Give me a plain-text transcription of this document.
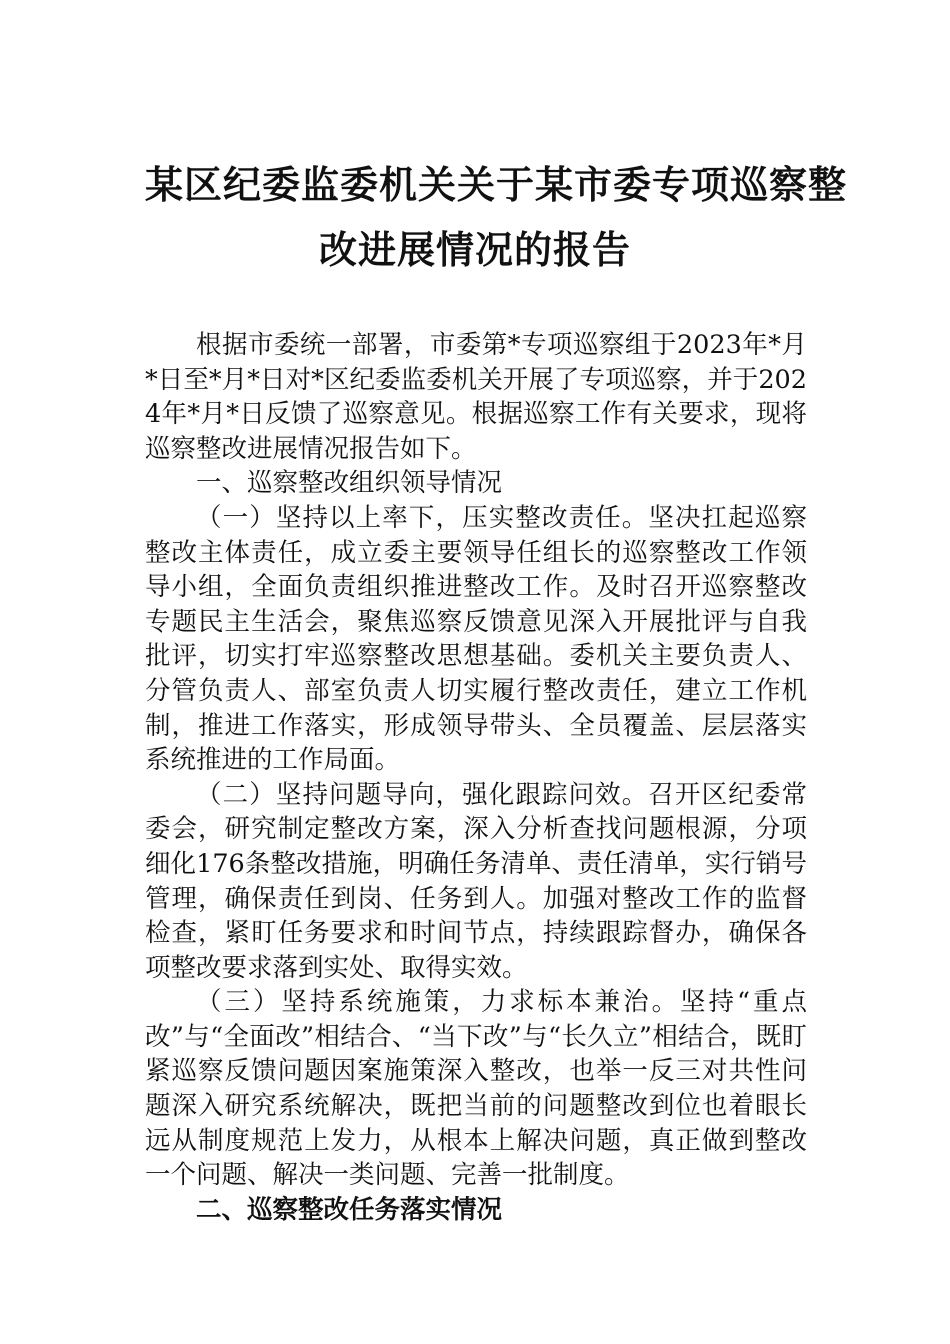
某区纪委监委机关关于某市委专项巡察整
改进展情况的报告

根据市委统一部署，市委第*专项巡察组于2023年*月*日至*月*日对*区纪委监委机关开展了专项巡察，并于2024年*月*日反馈了巡察意见。根据巡察工作有关要求，现将巡察整改进展情况报告如下。

一、巡察整改组织领导情况

（一）坚持以上率下，压实整改责任。坚决扛起巡察整改主体责任，成立委主要领导任组长的巡察整改工作领导小组，全面负责组织推进整改工作。及时召开巡察整改专题民主生活会，聚焦巡察反馈意见深入开展批评与自我批评，切实打牢巡察整改思想基础。委机关主要负责人、分管负责人、部室负责人切实履行整改责任，建立工作机制，推进工作落实，形成领导带头、全员覆盖、层层落实系统推进的工作局面。

（二）坚持问题导向，强化跟踪问效。召开区纪委常委会，研究制定整改方案，深入分析查找问题根源，分项细化176条整改措施，明确任务清单、责任清单，实行销号管理，确保责任到岗、任务到人。加强对整改工作的监督检查，紧盯任务要求和时间节点，持续跟踪督办，确保各项整改要求落到实处、取得实效。

（三）坚持系统施策，力求标本兼治。坚持“重点改”与“全面改”相结合、“当下改”与“长久立”相结合，既盯紧巡察反馈问题因案施策深入整改，也举一反三对共性问题深入研究系统解决，既把当前的问题整改到位也着眼长远从制度规范上发力，从根本上解决问题，真正做到整改一个问题、解决一类问题、完善一批制度。

二、巡察整改任务落实情况
